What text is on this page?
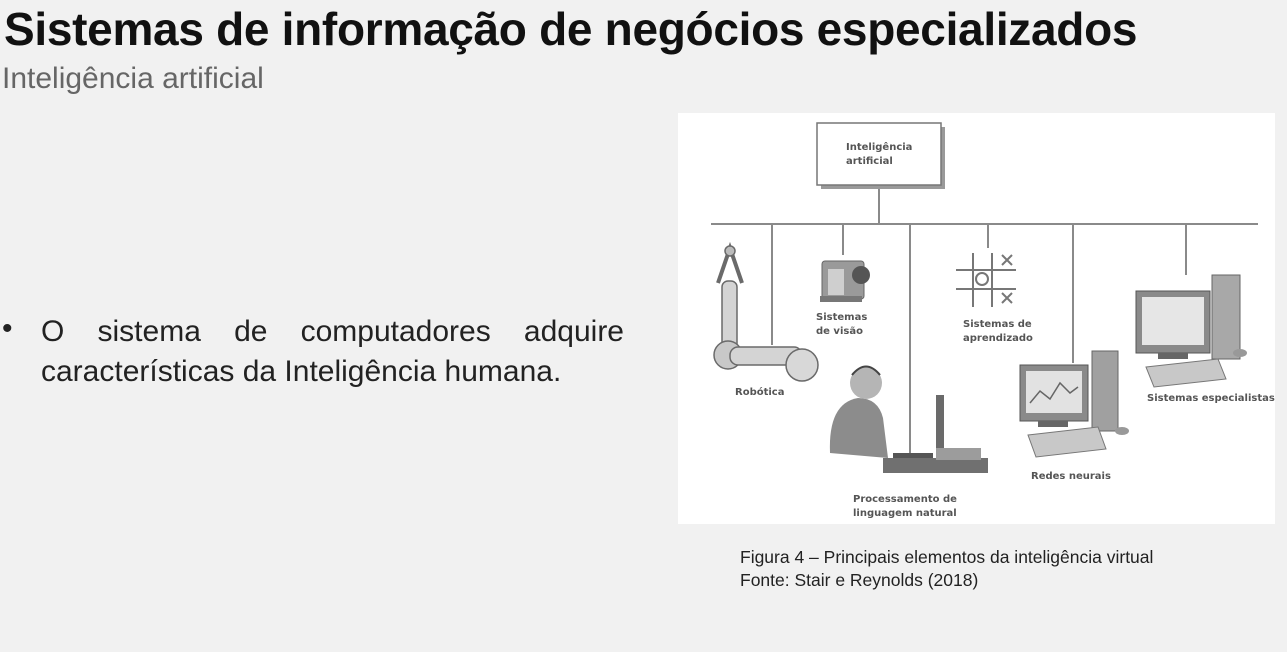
Sistemas de informação de negócios especializados
Inteligência artificial
• O sistema de computadores adquire características da Inteligência humana.
Inteligência
artificial
Robótica
Sistemas
de visão
Processamento de
linguagem natural
Sistemas de
aprendizado
Redes neurais
Sistemas especialistas
Figura 4 – Principais elementos da inteligência virtual
Fonte: Stair e Reynolds (2018)
